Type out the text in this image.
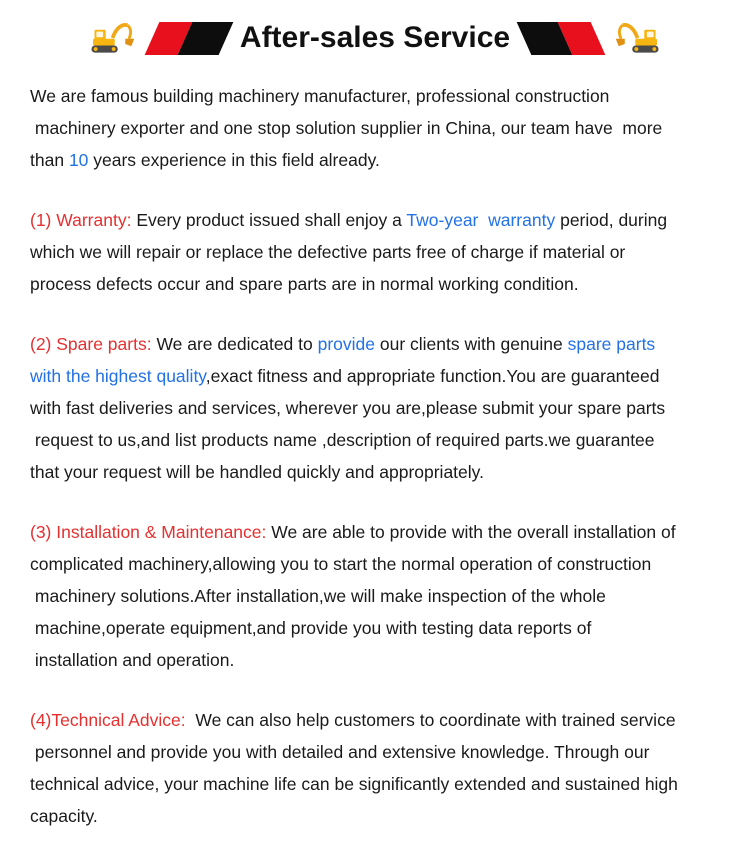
After-sales Service
We are famous building machinery manufacturer, professional construction
machinery exporter and one stop solution supplier in China, our team have  more
than 10 years experience in this field already.
(1) Warranty: Every product issued shall enjoy a Two-year  warranty period, during
which we will repair or replace the defective parts free of charge if material or
process defects occur and spare parts are in normal working condition.
(2) Spare parts: We are dedicated to provide our clients with genuine spare parts
with the highest quality,exact fitness and appropriate function.You are guaranteed
with fast deliveries and services, wherever you are,please submit your spare parts
request to us,and list products name ,description of required parts.we guarantee
that your request will be handled quickly and appropriately.
(3) Installation & Maintenance: We are able to provide with the overall installation of
complicated machinery,allowing you to start the normal operation of construction
machinery solutions.After installation,we will make inspection of the whole
machine,operate equipment,and provide you with testing data reports of
installation and operation.
(4)Technical Advice:  We can also help customers to coordinate with trained service
personnel and provide you with detailed and extensive knowledge. Through our
technical advice, your machine life can be significantly extended and sustained high
capacity.
